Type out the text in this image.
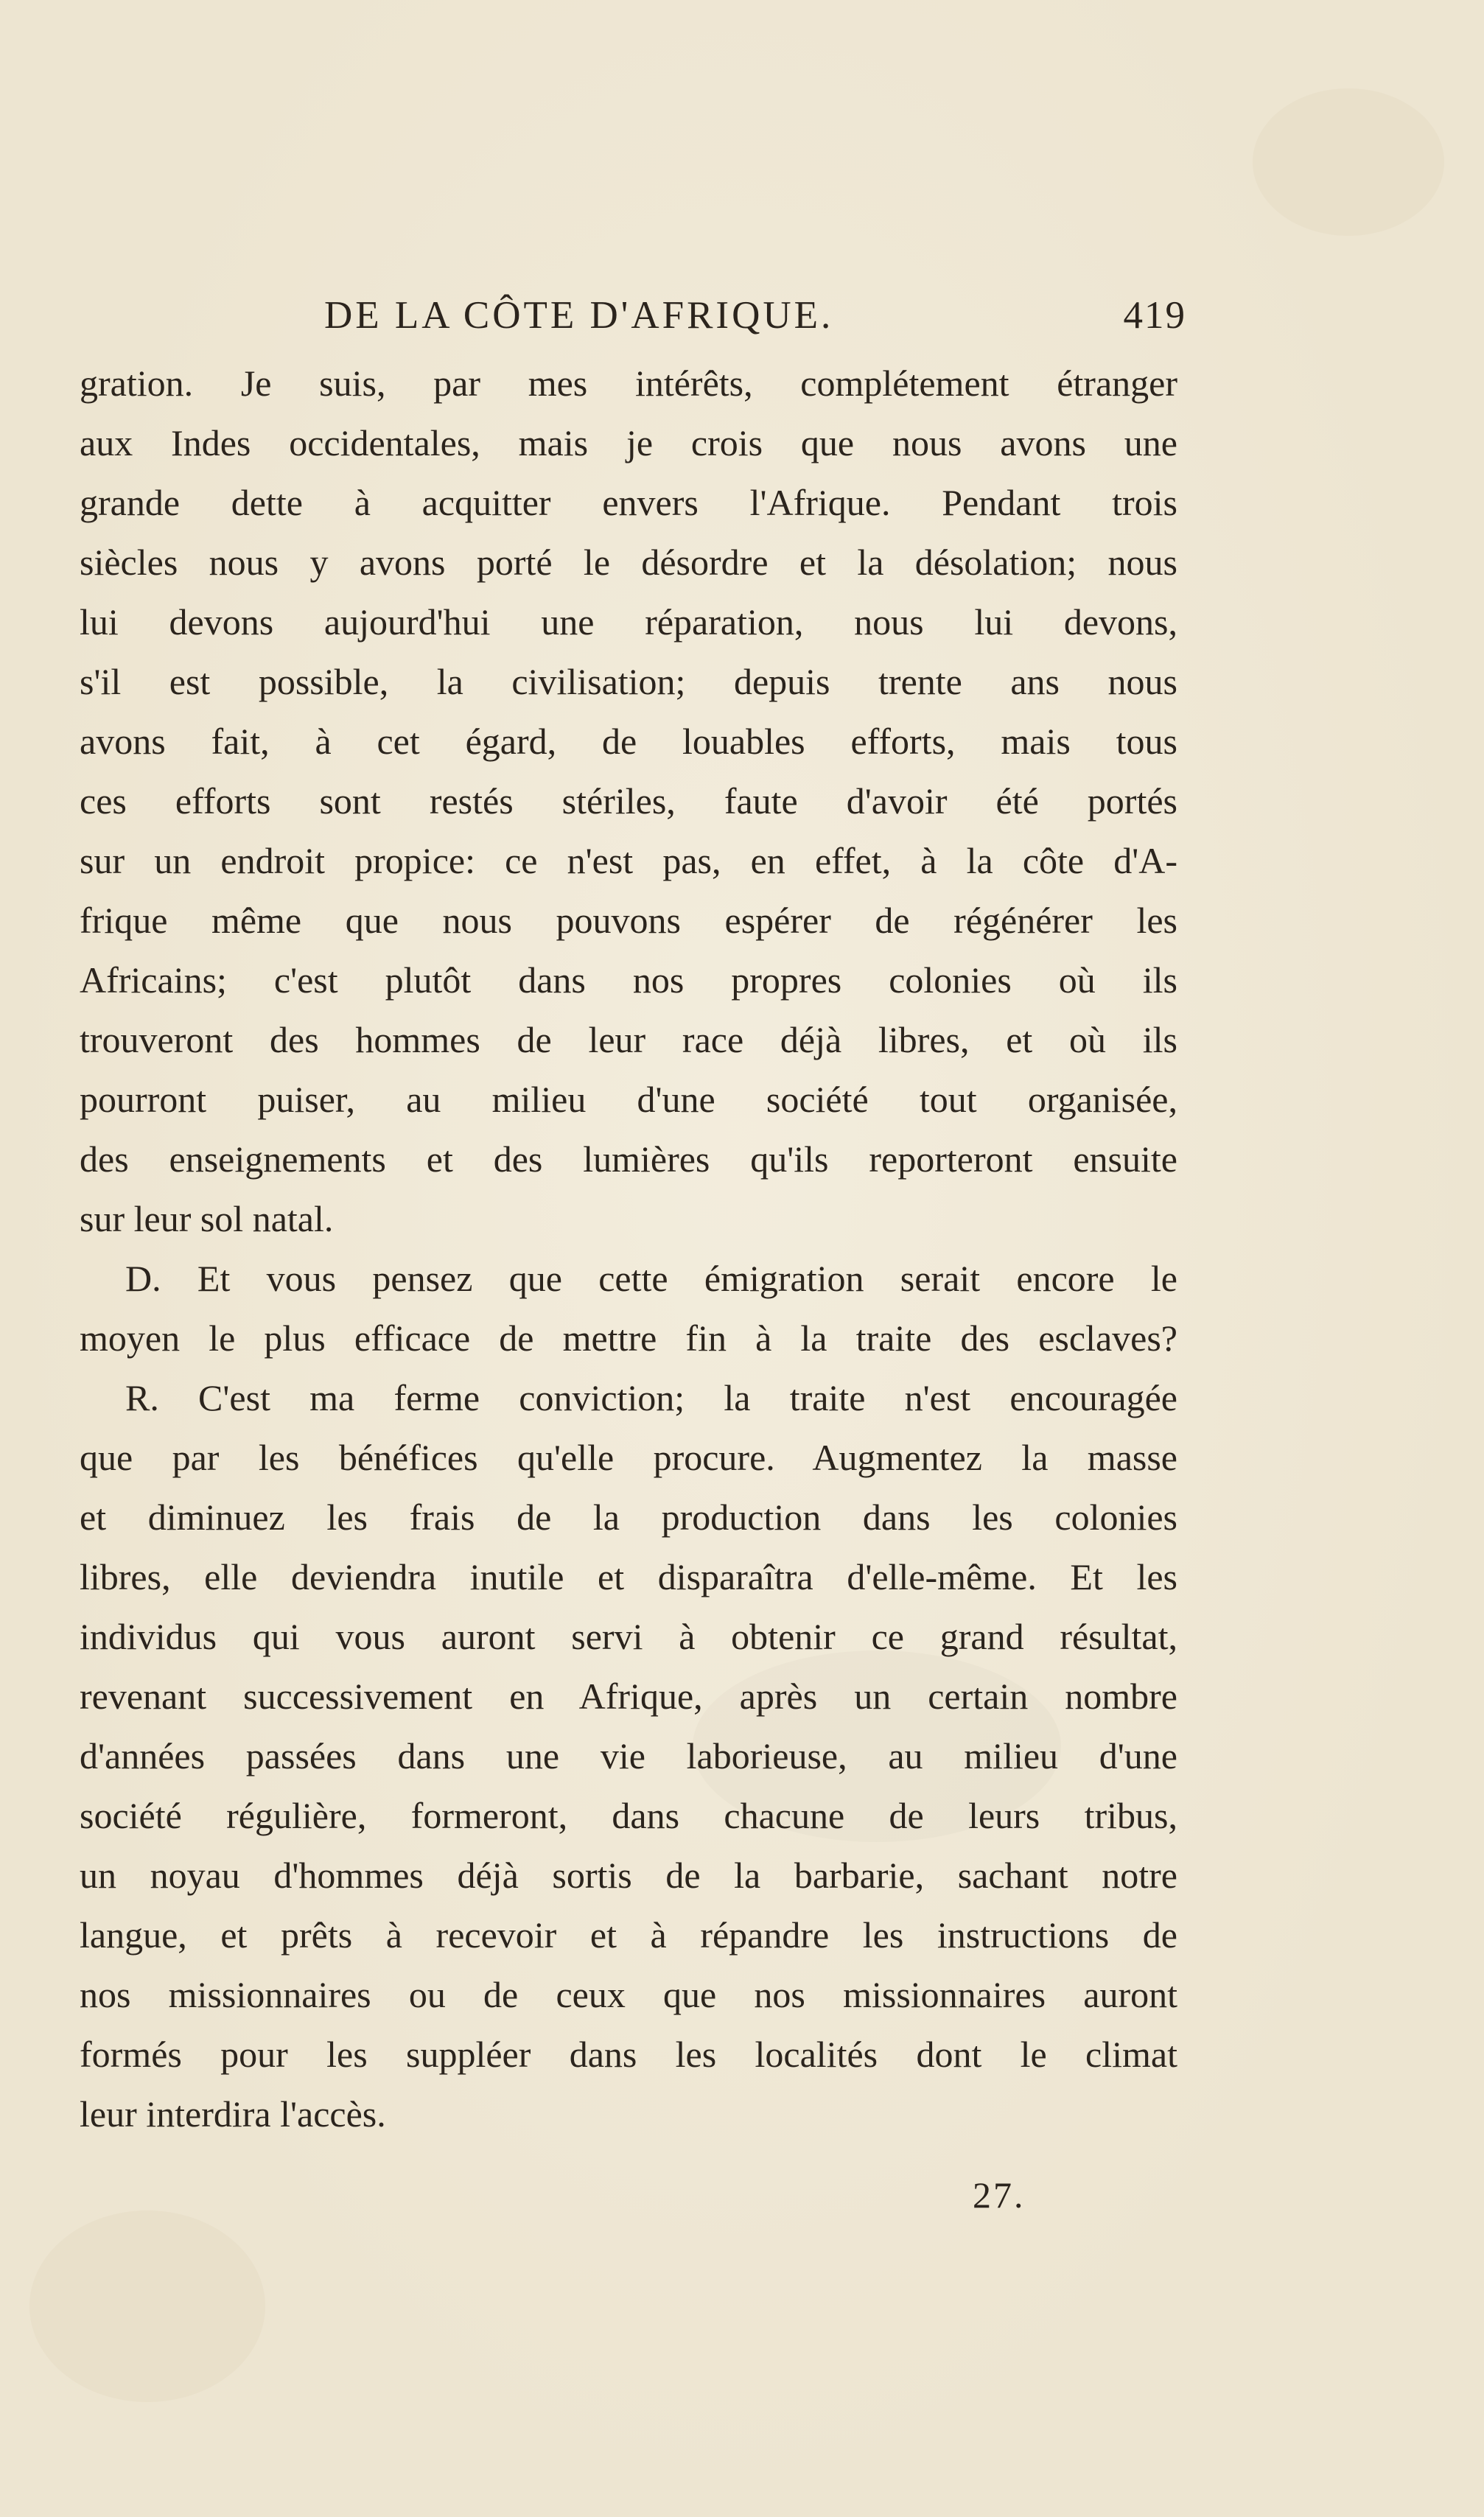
DE LA CÔTE D'AFRIQUE.	419
gration. Je suis, par mes intérêts, complétement étranger
aux Indes occidentales, mais je crois que nous avons une
grande dette à acquitter envers l'Afrique. Pendant trois
siècles nous y avons porté le désordre et la désolation; nous
lui devons aujourd'hui une réparation, nous lui devons,
s'il est possible, la civilisation; depuis trente ans nous
avons fait, à cet égard, de louables efforts, mais tous
ces efforts sont restés stériles, faute d'avoir été portés
sur un endroit propice: ce n'est pas, en effet, à la côte d'A-
frique même que nous pouvons espérer de régénérer les
Africains; c'est plutôt dans nos propres colonies où ils
trouveront des hommes de leur race déjà libres, et où ils
pourront puiser, au milieu d'une société tout organisée,
des enseignements et des lumières qu'ils reporteront ensuite
sur leur sol natal.
D. Et vous pensez que cette émigration serait encore le
moyen le plus efficace de mettre fin à la traite des esclaves?
R. C'est ma ferme conviction; la traite n'est encouragée
que par les bénéfices qu'elle procure. Augmentez la masse
et diminuez les frais de la production dans les colonies
libres, elle deviendra inutile et disparaîtra d'elle-même. Et les
individus qui vous auront servi à obtenir ce grand résultat,
revenant successivement en Afrique, après un certain nombre
d'années passées dans une vie laborieuse, au milieu d'une
société régulière, formeront, dans chacune de leurs tribus,
un noyau d'hommes déjà sortis de la barbarie, sachant notre
langue, et prêts à recevoir et à répandre les instructions de
nos missionnaires ou de ceux que nos missionnaires auront
formés pour les suppléer dans les localités dont le climat
leur interdira l'accès.
27.
